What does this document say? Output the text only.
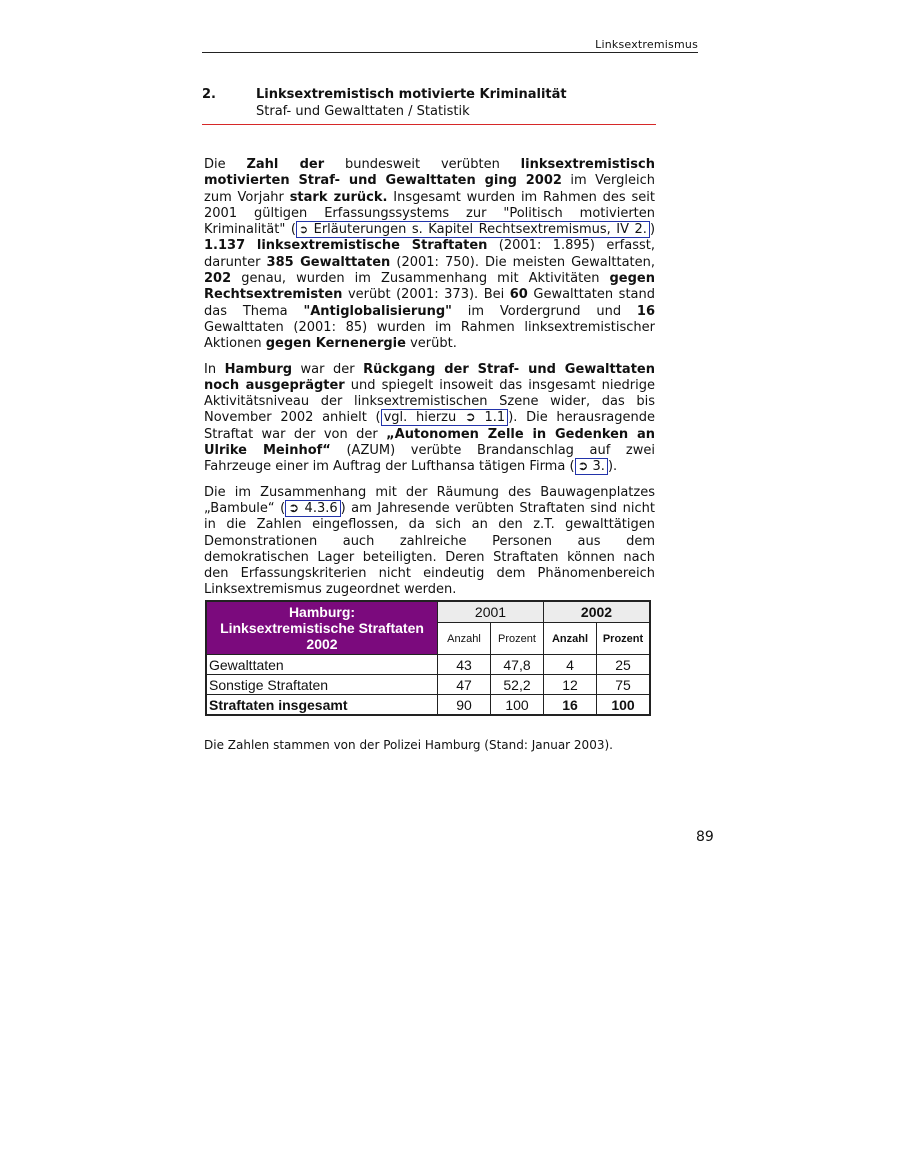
Linksextremismus
2.	Linksextremistisch motivierte Kriminalität
Straf- und Gewalttaten / Statistik

Die Zahl der bundesweit verübten linksextremistisch motivierten Straf- und Gewalttaten ging 2002 im Vergleich zum Vorjahr stark zurück. Insgesamt wurden im Rahmen des seit 2001 gültigen Erfassungssystems zur "Politisch motivierten Kriminalität" ( ➲ Erläuterungen s. Kapitel Rechtsextremismus, IV 2. ) 1.137 linksextremistische Straftaten (2001: 1.895) erfasst, darunter 385 Gewalttaten (2001: 750). Die meisten Gewalttaten, 202 genau, wurden im Zusammenhang mit Aktivitäten gegen Rechtsextremisten verübt (2001: 373). Bei 60 Gewalttaten stand das Thema "Antiglobalisierung" im Vordergrund und 16 Gewalttaten (2001: 85) wurden im Rahmen linksextremistischer Aktionen gegen Kernenergie verübt.

In Hamburg war der Rückgang der Straf- und Gewalttaten noch ausgeprägter und spiegelt insoweit das insgesamt niedrige Aktivitätsniveau der linksextremistischen Szene wider, das bis November 2002 anhielt ( vgl. hierzu ➲ 1.1 ). Die herausragende Straftat war der von der „Autonomen Zelle in Gedenken an Ulrike Meinhof“ (AZUM) verübte Brandanschlag auf zwei Fahrzeuge einer im Auftrag der Lufthansa tätigen Firma ( ➲ 3. ).

Die im Zusammenhang mit der Räumung des Bauwagenplatzes „Bambule“ ( ➲ 4.3.6 ) am Jahresende verübten Straftaten sind nicht in die Zahlen eingeflossen, da sich an den z.T. gewalttätigen Demonstrationen auch zahlreiche Personen aus dem demokratischen Lager beteiligten. Deren Straftaten können nach den Erfassungskriterien nicht eindeutig dem Phänomenbereich Linksextremismus zugeordnet werden.

Hamburg:
Linksextremistische Straftaten 2002	2001		2002	
	Anzahl	Prozent	Anzahl	Prozent
Gewalttaten	43	47,8	4	25
Sonstige Straftaten	47	52,2	12	75
Straftaten insgesamt	90	100	16	100
Die Zahlen stammen von der Polizei Hamburg (Stand: Januar 2003).
89
